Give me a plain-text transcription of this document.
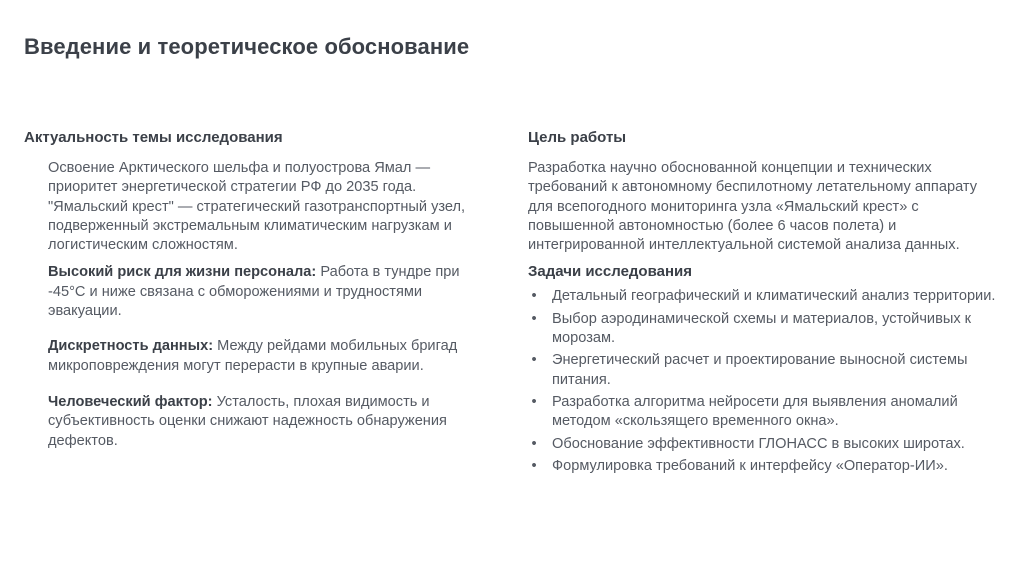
Введение и теоретическое обоснование
Актуальность темы исследования
Освоение Арктического шельфа и полуострова Ямал — приоритет энергетической стратегии РФ до 2035 года. "Ямальский крест" — стратегический газотранспортный узел, подверженный экстремальным климатическим нагрузкам и логистическим сложностям.
Высокий риск для жизни персонала: Работа в тундре при -45°C и ниже связана с обморожениями и трудностями эвакуации.
Дискретность данных: Между рейдами мобильных бригад микроповреждения могут перерасти в крупные аварии.
Человеческий фактор: Усталость, плохая видимость и субъективность оценки снижают надежность обнаружения дефектов.
Цель работы
Разработка научно обоснованной концепции и технических требований к автономному беспилотному летательному аппарату для всепогодного мониторинга узла «Ямальский крест» с повышенной автономностью (более 6 часов полета) и интегрированной интеллектуальной системой анализа данных.
Задачи исследования
• Детальный географический и климатический анализ территории.
• Выбор аэродинамической схемы и материалов, устойчивых к морозам.
• Энергетический расчет и проектирование выносной системы питания.
• Разработка алгоритма нейросети для выявления аномалий методом «скользящего временного окна».
• Обоснование эффективности ГЛОНАСС в высоких широтах.
• Формулировка требований к интерфейсу «Оператор-ИИ».
